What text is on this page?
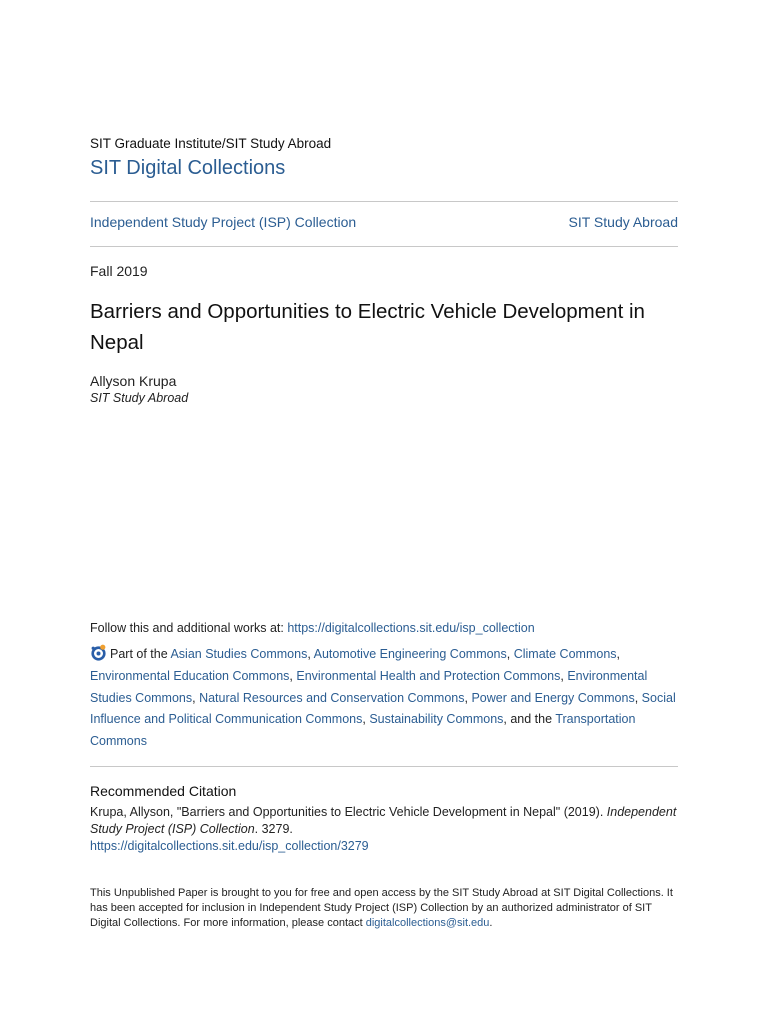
SIT Graduate Institute/SIT Study Abroad
SIT Digital Collections
Independent Study Project (ISP) Collection	SIT Study Abroad
Fall 2019
Barriers and Opportunities to Electric Vehicle Development in Nepal
Allyson Krupa
SIT Study Abroad
Follow this and additional works at: https://digitalcollections.sit.edu/isp_collection
Part of the Asian Studies Commons, Automotive Engineering Commons, Climate Commons, Environmental Education Commons, Environmental Health and Protection Commons, Environmental Studies Commons, Natural Resources and Conservation Commons, Power and Energy Commons, Social Influence and Political Communication Commons, Sustainability Commons, and the Transportation Commons
Recommended Citation
Krupa, Allyson, "Barriers and Opportunities to Electric Vehicle Development in Nepal" (2019). Independent Study Project (ISP) Collection. 3279.
https://digitalcollections.sit.edu/isp_collection/3279
This Unpublished Paper is brought to you for free and open access by the SIT Study Abroad at SIT Digital Collections. It has been accepted for inclusion in Independent Study Project (ISP) Collection by an authorized administrator of SIT Digital Collections. For more information, please contact digitalcollections@sit.edu.
